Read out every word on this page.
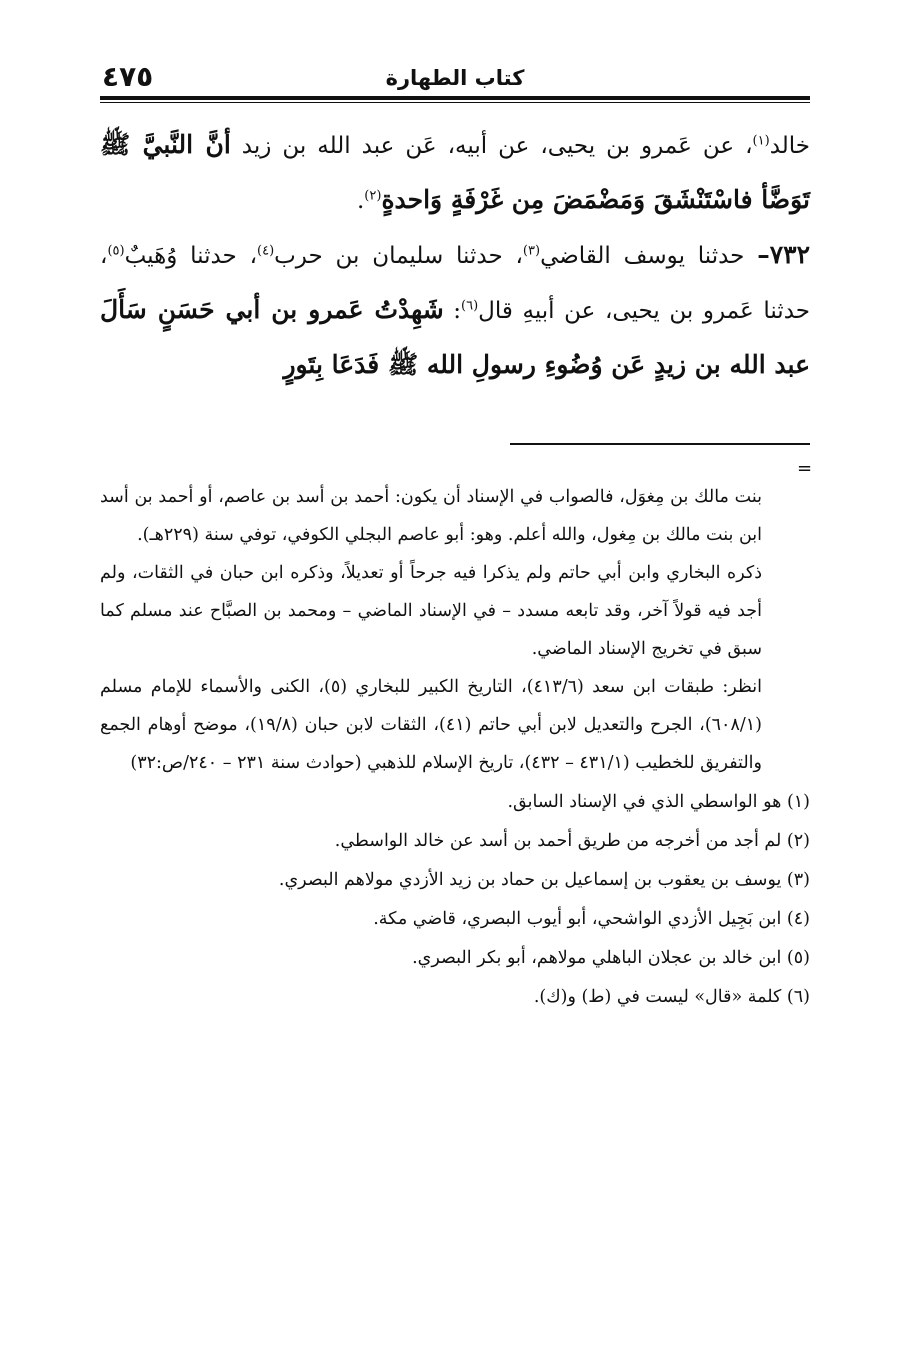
كتاب الطهارة
٤٧٥

خالد$^{(١)}$، عن عَمرو بن يحيى، عن أبيه، عَن عبد الله بن زيد أنَّ النَّبيَّ ﷺ تَوَضَّأ فاسْتَنْشَقَ وَمَضْمَضَ مِن غَرْفَةٍ وَاحدةٍ$^{(٢)}$.

٧٣٢– حدثنا يوسف القاضي$^{(٣)}$، حدثنا سليمان بن حرب$^{(٤)}$، حدثنا وُهَيبٌ$^{(٥)}$، حدثنا عَمرو بن يحيى، عن أبيهِ قال$^{(٦)}$: شَهِدْتُ عَمرو بن أبي حَسَنٍ سَأَلَ عبد الله بن زيدٍ عَن وُضُوءِ رسولِ الله ﷺ فَدَعَا بِتَورٍ

=

بنت مالك بن مِغوَل، فالصواب في الإسناد أن يكون: أحمد بن أسد بن عاصم، أو أحمد بن أسد ابن بنت مالك بن مِغول، والله أعلم. وهو: أبو عاصم البجلي الكوفي، توفي سنة (٢٢٩هـ).

ذكره البخاري وابن أبي حاتم ولم يذكرا فيه جرحاً أو تعديلاً، وذكره ابن حبان في الثقات، ولم أجد فيه قولاً آخر، وقد تابعه مسدد – في الإسناد الماضي – ومحمد بن الصبَّاح عند مسلم كما سبق في تخريج الإسناد الماضي.

انظر: طبقات ابن سعد (٤١٣/٦)، التاريخ الكبير للبخاري (٥)، الكنى والأسماء للإمام مسلم (٦٠٨/١)، الجرح والتعديل لابن أبي حاتم (٤١)، الثقات لابن حبان (١٩/٨)، موضح أوهام الجمع والتفريق للخطيب (٤٣١/١ – ٤٣٢)، تاريخ الإسلام للذهبي (حوادث سنة ٢٣١ – ٢٤٠/ص:٣٢)

(١) هو الواسطي الذي في الإسناد السابق.

(٢) لم أجد من أخرجه من طريق أحمد بن أسد عن خالد الواسطي.

(٣) يوسف بن يعقوب بن إسماعيل بن حماد بن زيد الأزدي مولاهم البصري.

(٤) ابن بَجِيل الأزدي الواشحي، أبو أيوب البصري، قاضي مكة.

(٥) ابن خالد بن عجلان الباهلي مولاهم، أبو بكر البصري.

(٦) كلمة «قال» ليست في (ط) و(ك).
